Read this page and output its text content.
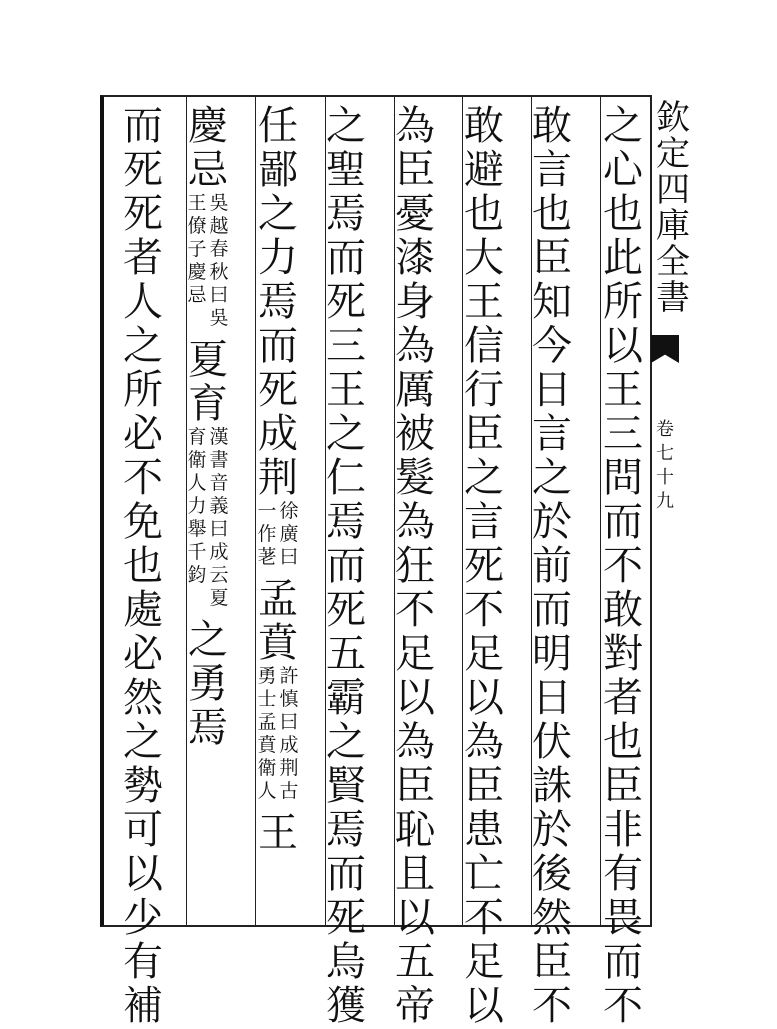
欽
定
四
庫
全
書
卷
七
十
九
之
心
也
此
所
以
王
三
問
而
不
敢
對
者
也
臣
非
有
畏
而
不
敢
言
也
臣
知
今
日
言
之
於
前
而
明
日
伏
誅
於
後
然
臣
不
敢
避
也
大
王
信
行
臣
之
言
死
不
足
以
為
臣
患
亡
不
足
以
為
臣
憂
漆
身
為
厲
被
髮
為
狂
不
足
以
為
臣
恥
且
以
五
帝
之
聖
焉
而
死
三
王
之
仁
焉
而
死
五
霸
之
賢
焉
而
死
烏
獲
任
鄙
之
力
焉
而
死
成
荆
徐
廣
曰
一
作
荖
孟
賁
許
慎
曰
成
荆
古
勇
士
孟
賁
衛
人
王
慶
忌
吳
越
春
秋
曰
吳
王
僚
子
慶
忌
夏
育
漢
書
音
義
曰
成
云
夏
育
衛
人
力
舉
千
鈞
之
勇
焉
而
死
死
者
人
之
所
必
不
免
也
處
必
然
之
勢
可
以
少
有
補
